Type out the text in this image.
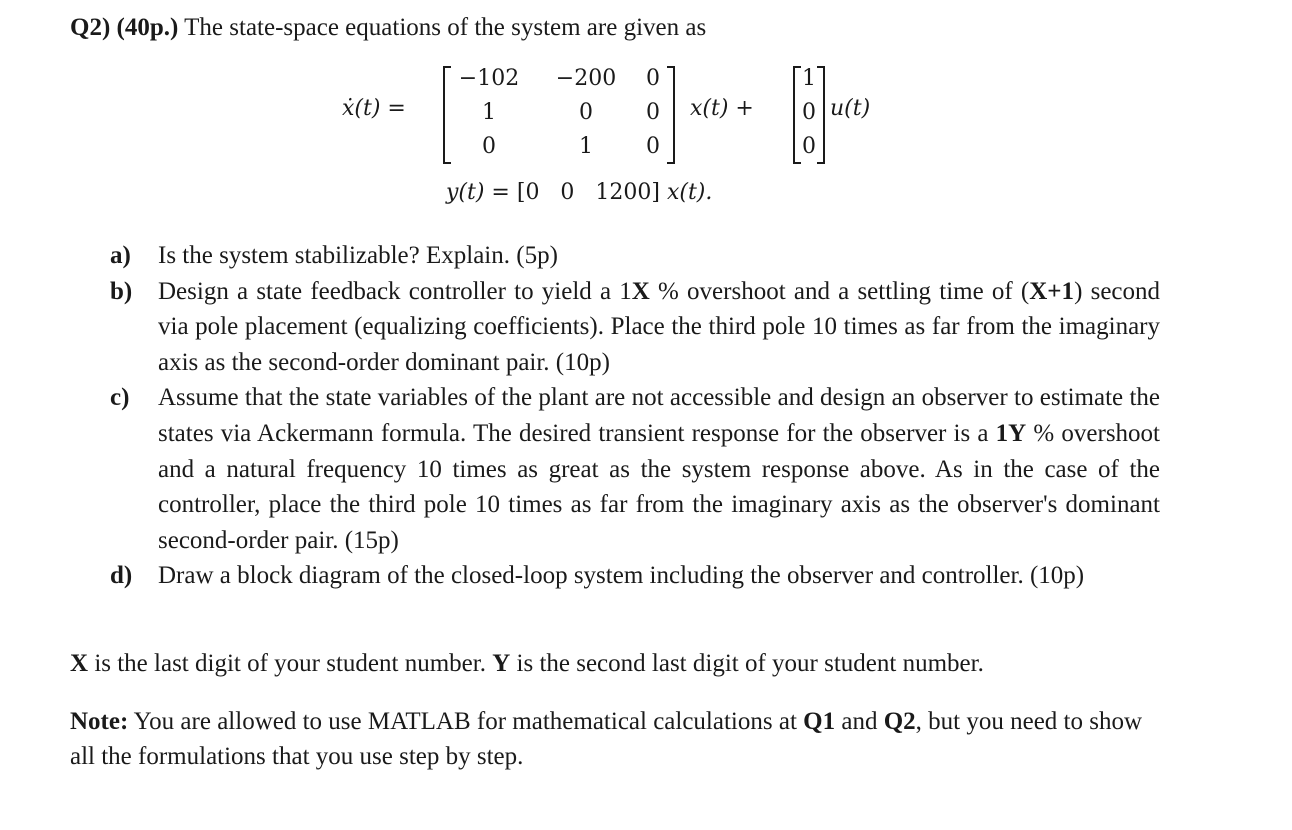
Q2) (40p.) The state-space equations of the system are given as
ẋ(t) =
−102	−200	0
1	0	0
0	1	0
x(t) +
1
0
0
u(t)
y(t) = [0   0   1200] x(t).
a) Is the system stabilizable? Explain. (5p)
b) Design a state feedback controller to yield a 1X % overshoot and a settling time of (X+1) second via pole placement (equalizing coefficients). Place the third pole 10 times as far from the imaginary axis as the second-order dominant pair. (10p)
c) Assume that the state variables of the plant are not accessible and design an observer to estimate the states via Ackermann formula. The desired transient response for the observer is a 1Y % overshoot and a natural frequency 10 times as great as the system response above. As in the case of the controller, place the third pole 10 times as far from the imaginary axis as the observer's dominant second-order pair. (15p)
d) Draw a block diagram of the closed-loop system including the observer and controller. (10p)
X is the last digit of your student number. Y is the second last digit of your student number.
Note: You are allowed to use MATLAB for mathematical calculations at Q1 and Q2, but you need to show all the formulations that you use step by step.
